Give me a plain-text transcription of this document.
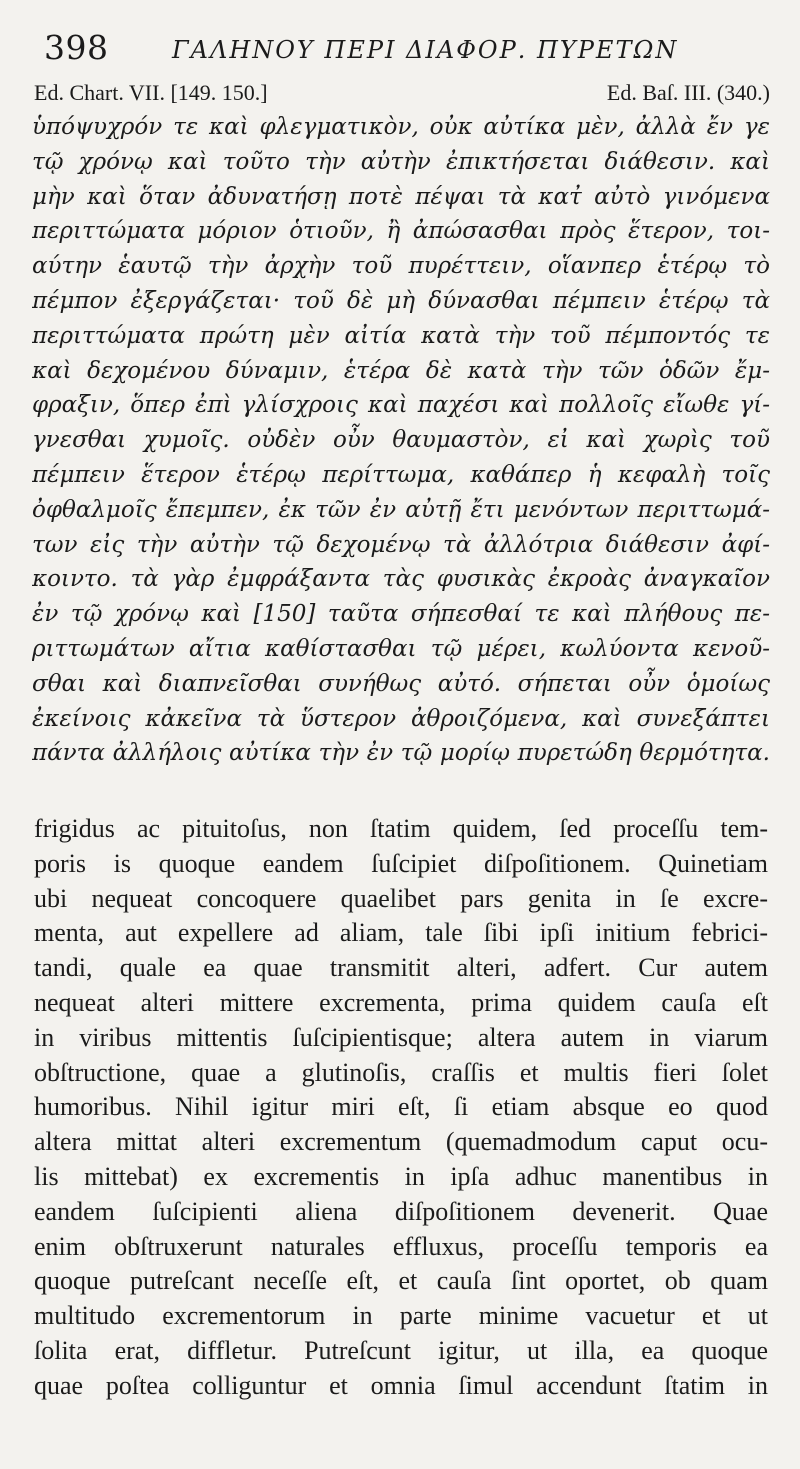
398	ΓΑΛΗΝΟΥ ΠΕΡΙ ΔΙΑΦΟΡ. ΠΥΡΕΤΩΝ
Ed. Chart. VII. [149. 150.]	Ed. Baſ. III. (340.)
ὑπόψυχρόν τε καὶ φλεγματικὸν, οὐκ αὐτίκα μὲν, ἀλλὰ ἔν γε
τῷ χρόνῳ καὶ τοῦτο τὴν αὐτὴν ἐπικτήσεται διάθεσιν. καὶ
μὴν καὶ ὅταν ἀδυνατήσῃ ποτὲ πέψαι τὰ κατ̓ αὐτὸ γινόμενα
περιττώματα μόριον ὁτιοῦν, ἢ ἀπώσασθαι πρὸς ἕτερον, τοι-
αύτην ἑαυτῷ τὴν ἀρχὴν τοῦ πυρέττειν, οἵανπερ ἑτέρῳ τὸ
πέμπον ἐξεργάζεται· τοῦ δὲ μὴ δύνασθαι πέμπειν ἑτέρῳ τὰ
περιττώματα πρώτη μὲν αἰτία κατὰ τὴν τοῦ πέμποντός τε
καὶ δεχομένου δύναμιν, ἑτέρα δὲ κατὰ τὴν τῶν ὁδῶν ἔμ-
φραξιν, ὅπερ ἐπὶ γλίσχροις καὶ παχέσι καὶ πολλοῖς εἴωθε γί-
γνεσθαι χυμοῖς. οὐδὲν οὖν θαυμαστὸν, εἰ καὶ χωρὶς τοῦ
πέμπειν ἕτερον ἑτέρῳ περίττωμα, καθάπερ ἡ κεφαλὴ τοῖς
ὀφθαλμοῖς ἔπεμπεν, ἐκ τῶν ἐν αὐτῇ ἔτι μενόντων περιττωμά-
των εἰς τὴν αὐτὴν τῷ δεχομένῳ τὰ ἀλλότρια διάθεσιν ἀφί-
κοιντο. τὰ γὰρ ἐμφράξαντα τὰς φυσικὰς ἐκροὰς ἀναγκαῖον
ἐν τῷ χρόνῳ καὶ [150] ταῦτα σήπεσθαί τε καὶ πλήθους πε-
ριττωμάτων αἴτια καθίστασθαι τῷ μέρει, κωλύοντα κενοῦ-
σθαι καὶ διαπνεῖσθαι συνήθως αὐτό. σήπεται οὖν ὁμοίως
ἐκείνοις κἀκεῖνα τὰ ὕστερον ἀθροιζόμενα, καὶ συνεξάπτει
πάντα ἀλλήλοις αὐτίκα τὴν ἐν τῷ μορίῳ πυρετώδη θερμότητα.
frigidus ac pituitoſus, non ſtatim quidem, ſed proceſſu tem-
poris is quoque eandem ſuſcipiet diſpoſitionem. Quinetiam
ubi nequeat concoquere quaelibet pars genita in ſe excre-
menta, aut expellere ad aliam, tale ſibi ipſi initium febrici-
tandi, quale ea quae transmitit alteri, adfert. Cur autem
nequeat alteri mittere excrementa, prima quidem cauſa eſt
in viribus mittentis ſuſcipientisque; altera autem in viarum
obſtructione, quae a glutinoſis, craſſis et multis fieri ſolet
humoribus. Nihil igitur miri eſt, ſi etiam absque eo quod
altera mittat alteri excrementum (quemadmodum caput ocu-
lis mittebat) ex excrementis in ipſa adhuc manentibus in
eandem ſuſcipienti aliena diſpoſitionem devenerit. Quae
enim obſtruxerunt naturales effluxus, proceſſu temporis ea
quoque putreſcant neceſſe eſt, et cauſa ſint oportet, ob quam
multitudo excrementorum in parte minime vacuetur et ut
ſolita erat, diffletur. Putreſcunt igitur, ut illa, ea quoque
quae poſtea colliguntur et omnia ſimul accendunt ſtatim in
